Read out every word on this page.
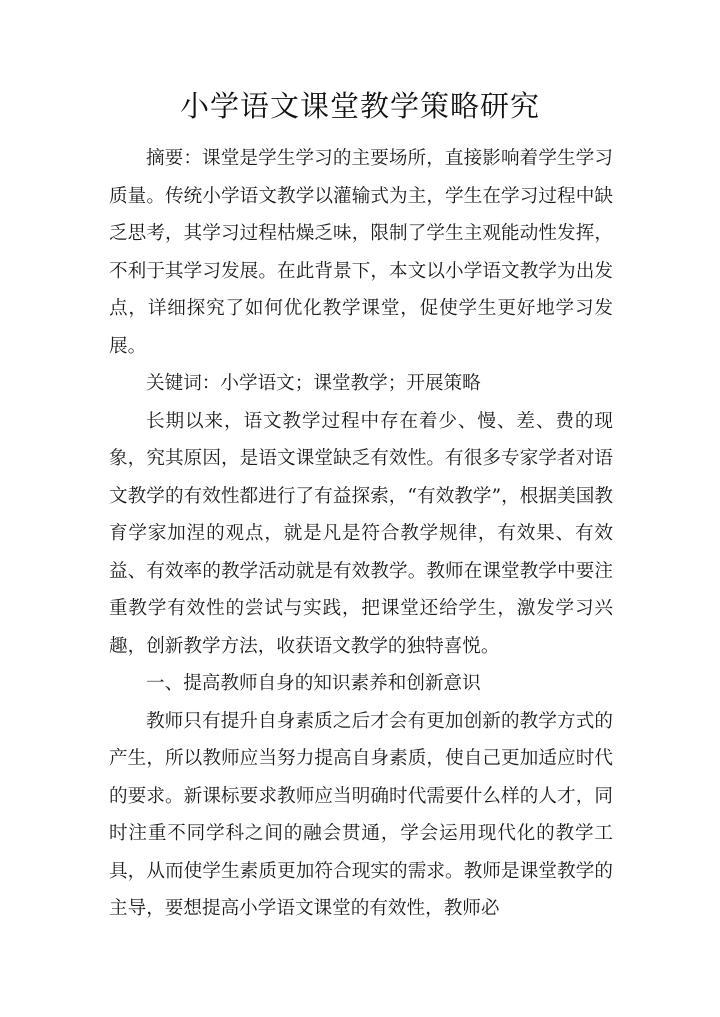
小学语文课堂教学策略研究

摘要：课堂是学生学习的主要场所，直接影响着学生学习质量。传统小学语文教学以灌输式为主，学生在学习过程中缺乏思考，其学习过程枯燥乏味，限制了学生主观能动性发挥，不利于其学习发展。在此背景下，本文以小学语文教学为出发点，详细探究了如何优化教学课堂，促使学生更好地学习发展。

关键词：小学语文；课堂教学；开展策略

长期以来，语文教学过程中存在着少、慢、差、费的现象，究其原因，是语文课堂缺乏有效性。有很多专家学者对语文教学的有效性都进行了有益探索，“有效教学”，根据美国教育学家加涅的观点，就是凡是符合教学规律，有效果、有效益、有效率的教学活动就是有效教学。教师在课堂教学中要注重教学有效性的尝试与实践，把课堂还给学生，激发学习兴趣，创新教学方法，收获语文教学的独特喜悦。

一、提高教师自身的知识素养和创新意识

教师只有提升自身素质之后才会有更加创新的教学方式的产生，所以教师应当努力提高自身素质，使自己更加适应时代的要求。新课标要求教师应当明确时代需要什么样的人才，同时注重不同学科之间的融会贯通，学会运用现代化的教学工具，从而使学生素质更加符合现实的需求。教师是课堂教学的主导，要想提高小学语文课堂的有效性，教师必
